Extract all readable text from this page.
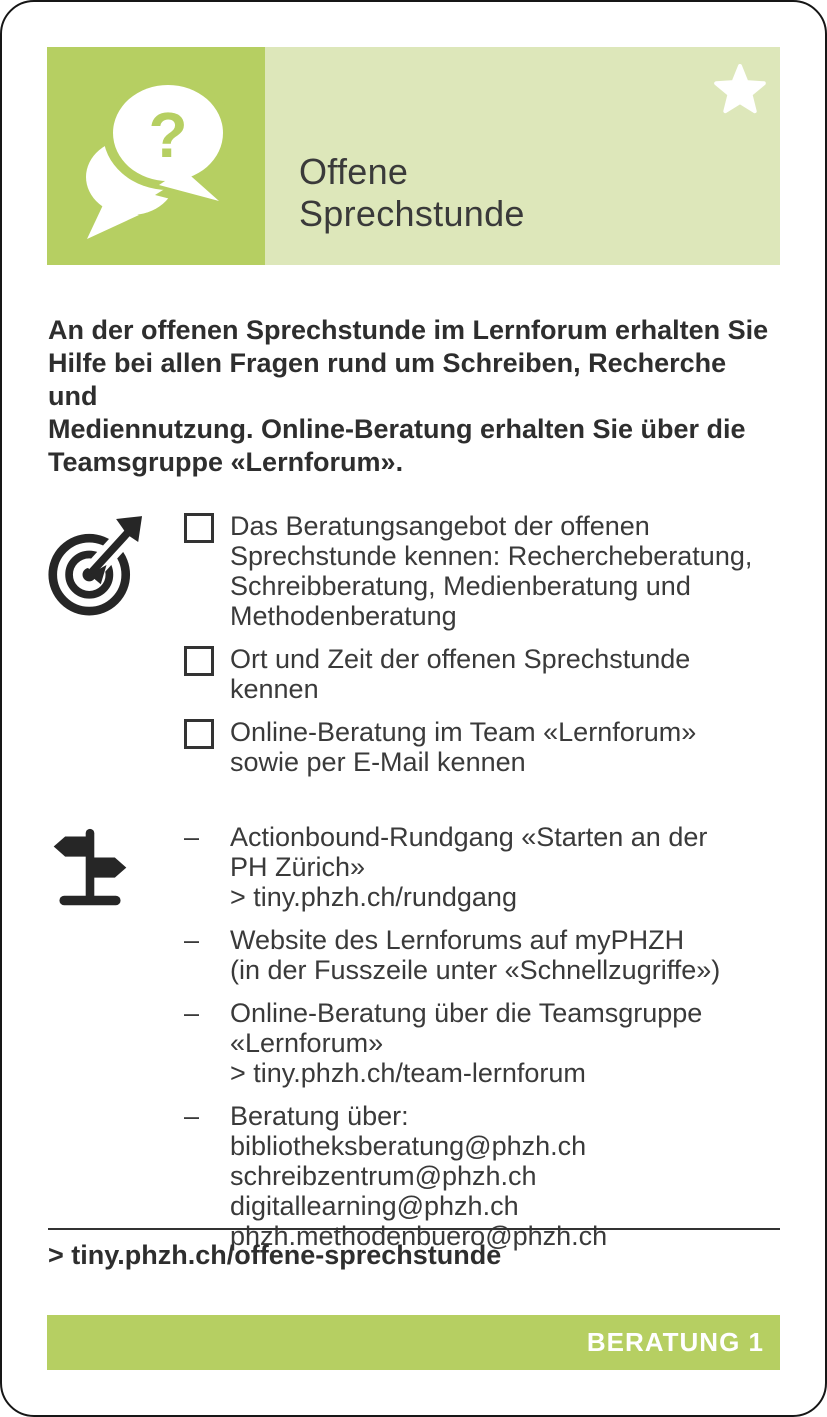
?
Offene
Sprechstunde
An der offenen Sprechstunde im Lernforum erhalten Sie
Hilfe bei allen Fragen rund um Schreiben, Recherche und
Mediennutzung. Online-Beratung erhalten Sie über die
Teamsgruppe «Lernforum».
Das Beratungsangebot der offenen
Sprechstunde kennen: Rechercheberatung,
Schreibberatung, Medienberatung und
Methodenberatung
Ort und Zeit der offenen Sprechstunde
kennen
Online-Beratung im Team «Lernforum»
sowie per E-Mail kennen
–	Actionbound-Rundgang «Starten an der
PH Zürich»
> tiny.phzh.ch/rundgang
–	Website des Lernforums auf myPHZH
(in der Fusszeile unter «Schnellzugriffe»)
–	Online-Beratung über die Teamsgruppe
«Lernforum»
> tiny.phzh.ch/team-lernforum
–	Beratung über:
bibliotheksberatung@phzh.ch
schreibzentrum@phzh.ch
digitallearning@phzh.ch
phzh.methodenbuero@phzh.ch
> tiny.phzh.ch/offene-sprechstunde
BERATUNG 1
